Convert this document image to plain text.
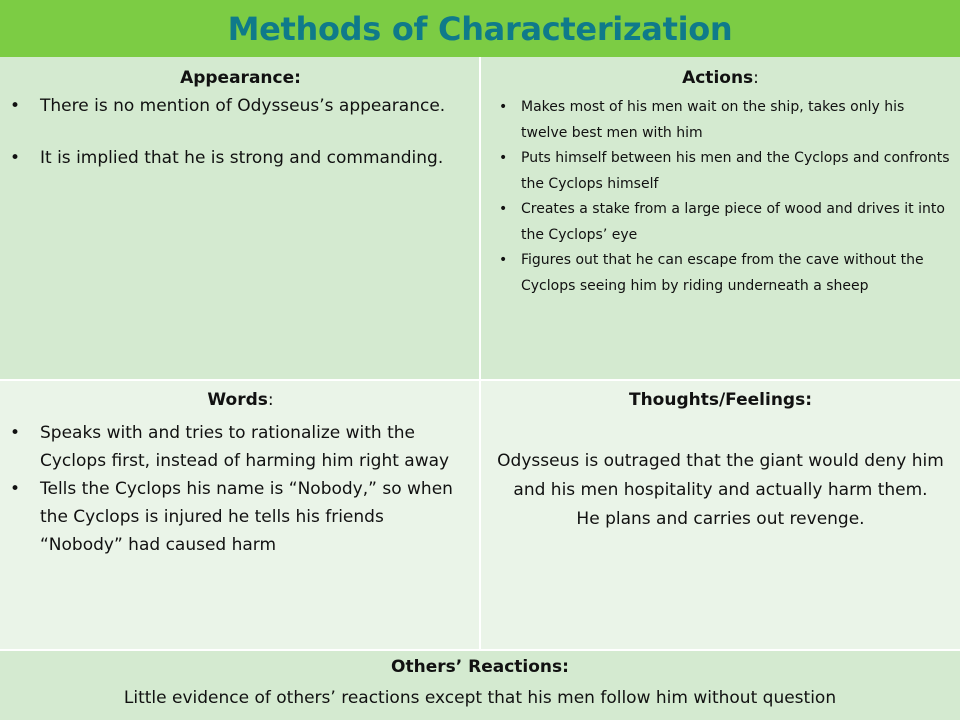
Methods of Characterization
Appearance:
• There is no mention of Odysseus’s appearance.
• It is implied that he is strong and commanding.
Actions:
• Makes most of his men wait on the ship, takes only his twelve best men with him
• Puts himself between his men and the Cyclops and confronts the Cyclops himself
• Creates a stake from a large piece of wood and drives it into the Cyclops’ eye
• Figures out that he can escape from the cave without the Cyclops seeing him by riding underneath a sheep
Words:
• Speaks with and tries to rationalize with the Cyclops first, instead of harming him right away
• Tells the Cyclops his name is “Nobody,” so when the Cyclops is injured he tells his friends “Nobody” had caused harm
Thoughts/Feelings:
Odysseus is outraged that the giant would deny him and his men hospitality and actually harm them.
He plans and carries out revenge.
Others’ Reactions:
Little evidence of others’ reactions except that his men follow him without question
